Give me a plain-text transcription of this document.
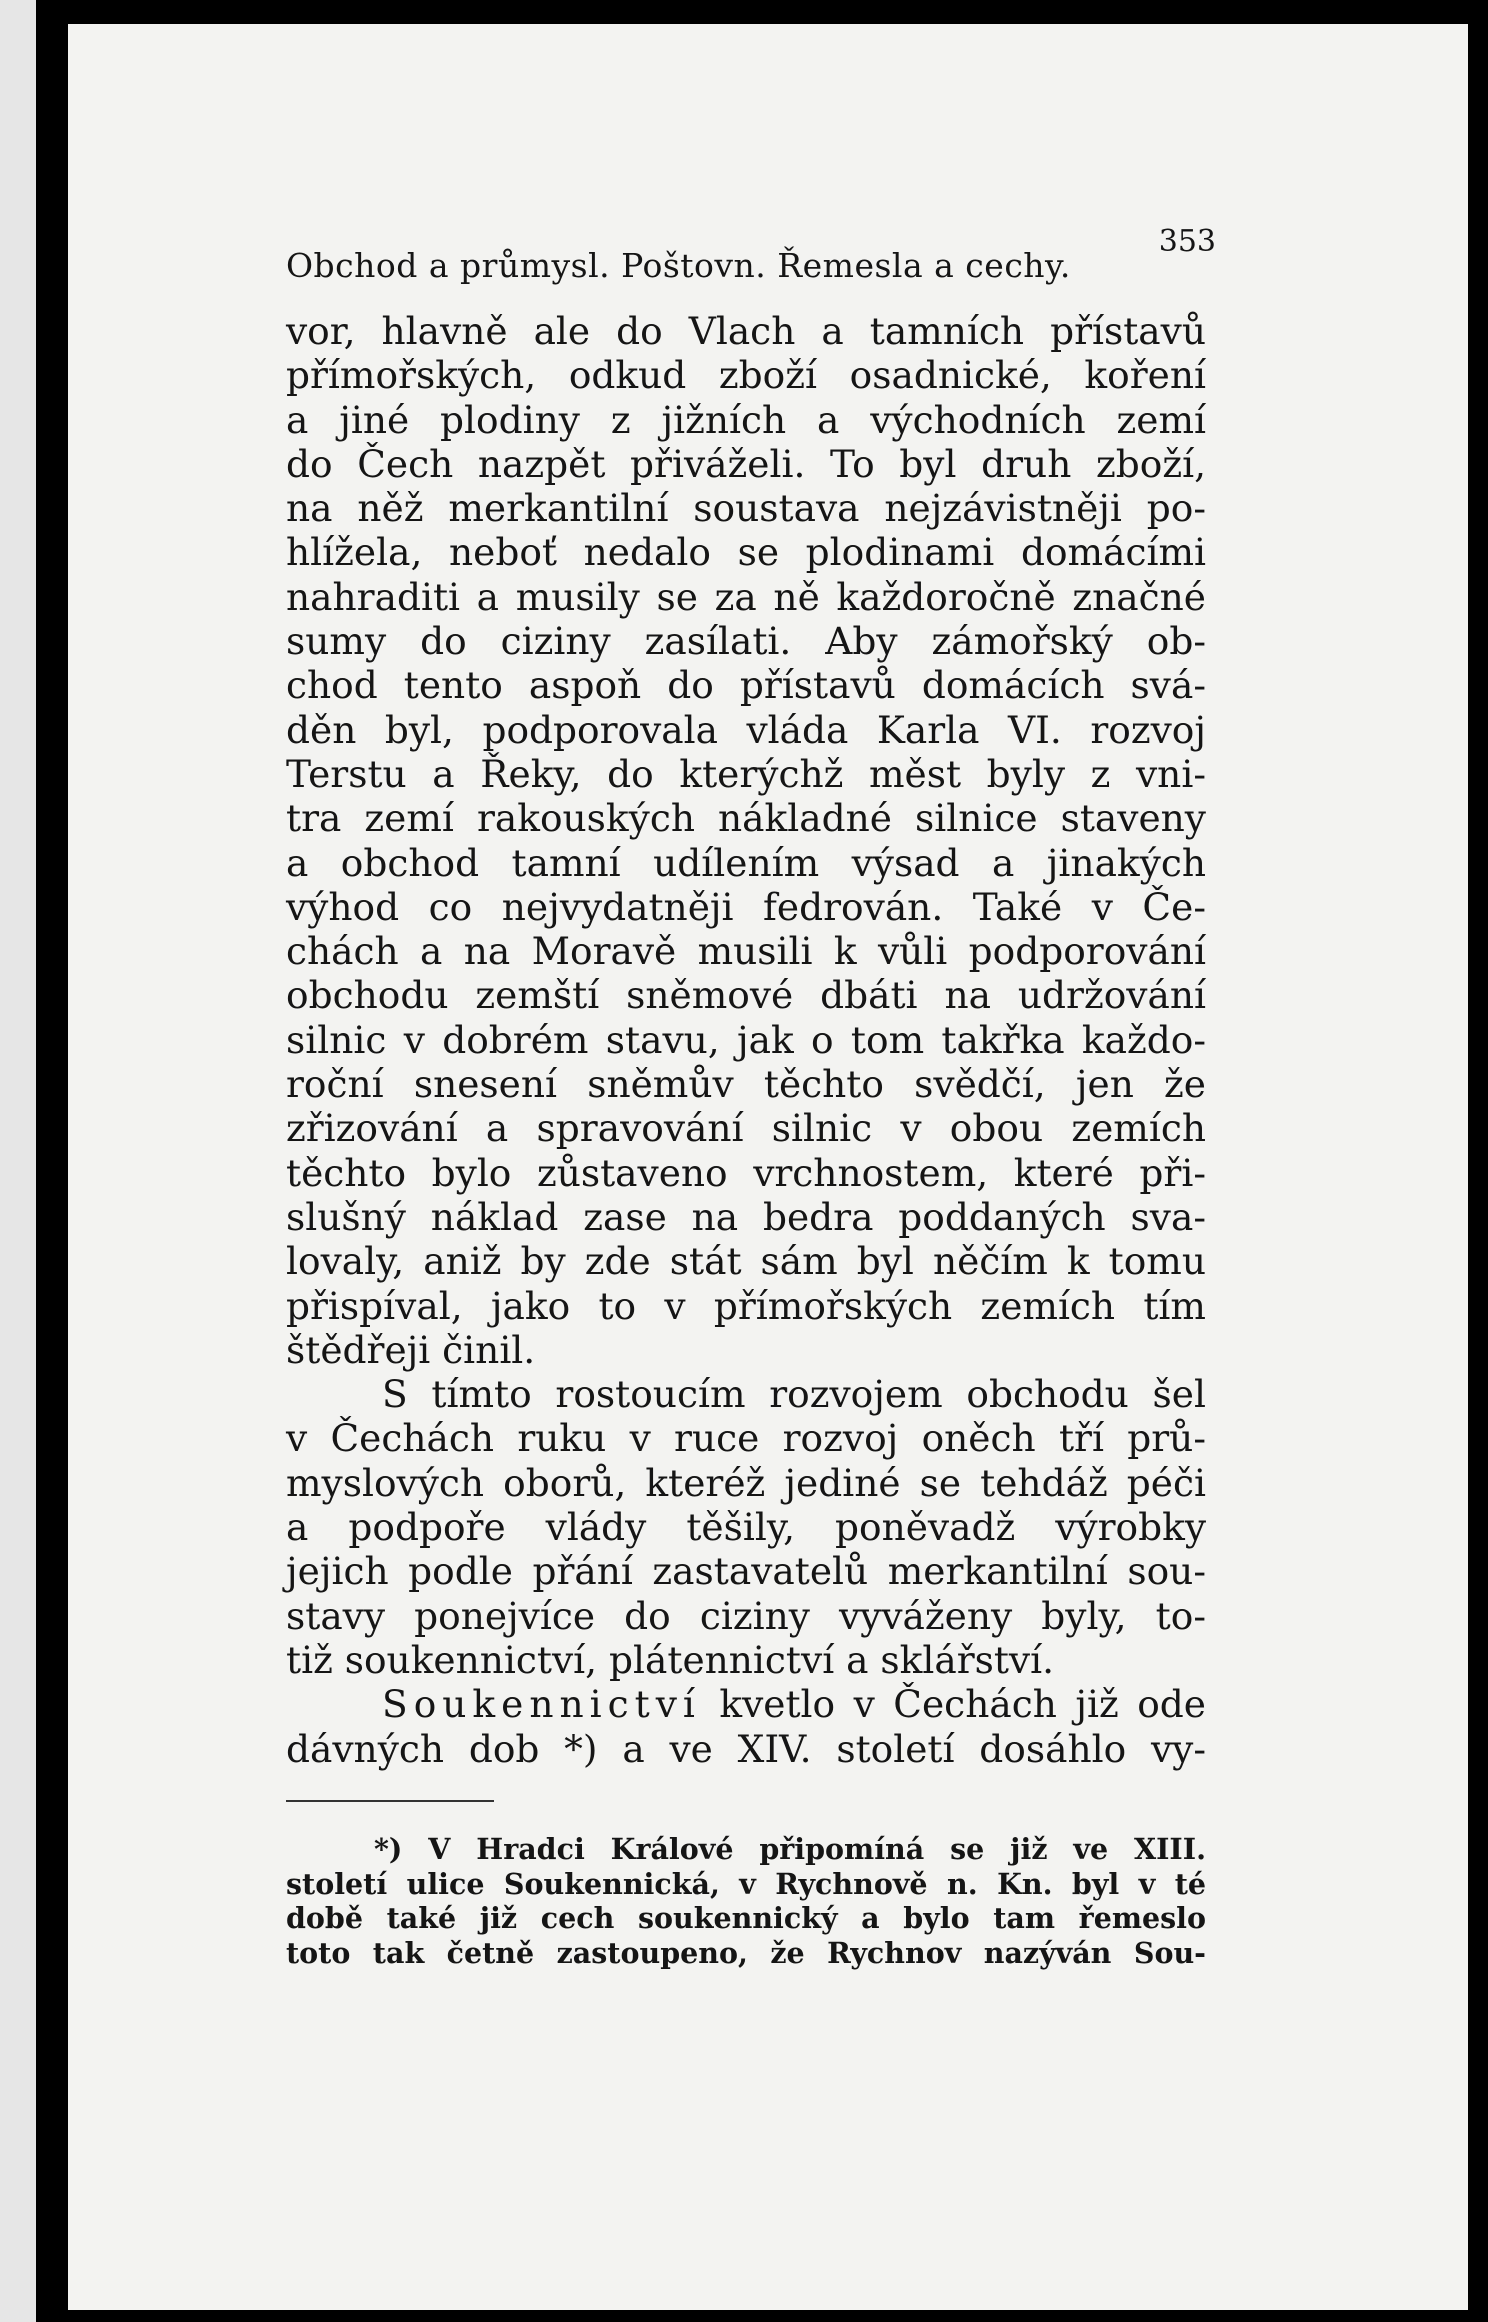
Obchod a průmysl. Poštovn. Řemesla a cechy.
353
vor, hlavně ale do Vlach a tamních přístavů
přímořských, odkud zboží osadnické, koření
a jiné plodiny z jižních a východních zemí
do Čech nazpět přiváželi. To byl druh zboží,
na něž merkantilní soustava nejzávistněji po-
hlížela, neboť nedalo se plodinami domácími
nahraditi a musily se za ně každoročně značné
sumy do ciziny zasílati. Aby zámořský ob-
chod tento aspoň do přístavů domácích svá-
děn byl, podporovala vláda Karla VI. rozvoj
Terstu a Řeky, do kterýchž měst byly z vni-
tra zemí rakouských nákladné silnice staveny
a obchod tamní udílením výsad a jinakých
výhod co nejvydatněji fedrován. Také v Če-
chách a na Moravě musili k vůli podporování
obchodu zemští sněmové dbáti na udržování
silnic v dobrém stavu, jak o tom takřka každo-
roční snesení sněmův těchto svědčí, jen že
zřizování a spravování silnic v obou zemích
těchto bylo zůstaveno vrchnostem, které při-
slušný náklad zase na bedra poddaných sva-
lovaly, aniž by zde stát sám byl něčím k tomu
přispíval, jako to v přímořských zemích tím
štědřeji činil.
S tímto rostoucím rozvojem obchodu šel
v Čechách ruku v ruce rozvoj oněch tří prů-
myslových oborů, kteréž jediné se tehdáž péči
a podpoře vlády těšily, poněvadž výrobky
jejich podle přání zastavatelů merkantilní sou-
stavy ponejvíce do ciziny vyváženy byly, to-
tiž soukennictví, plátennictví a sklářství.
Soukennictví kvetlo v Čechách již ode
dávných dob *) a ve XIV. století dosáhlo vy-
*) V Hradci Králové připomíná se již ve XIII.
století ulice Soukennická, v Rychnově n. Kn. byl v té
době také již cech soukennický a bylo tam řemeslo
toto tak četně zastoupeno, že Rychnov nazýván Sou-
